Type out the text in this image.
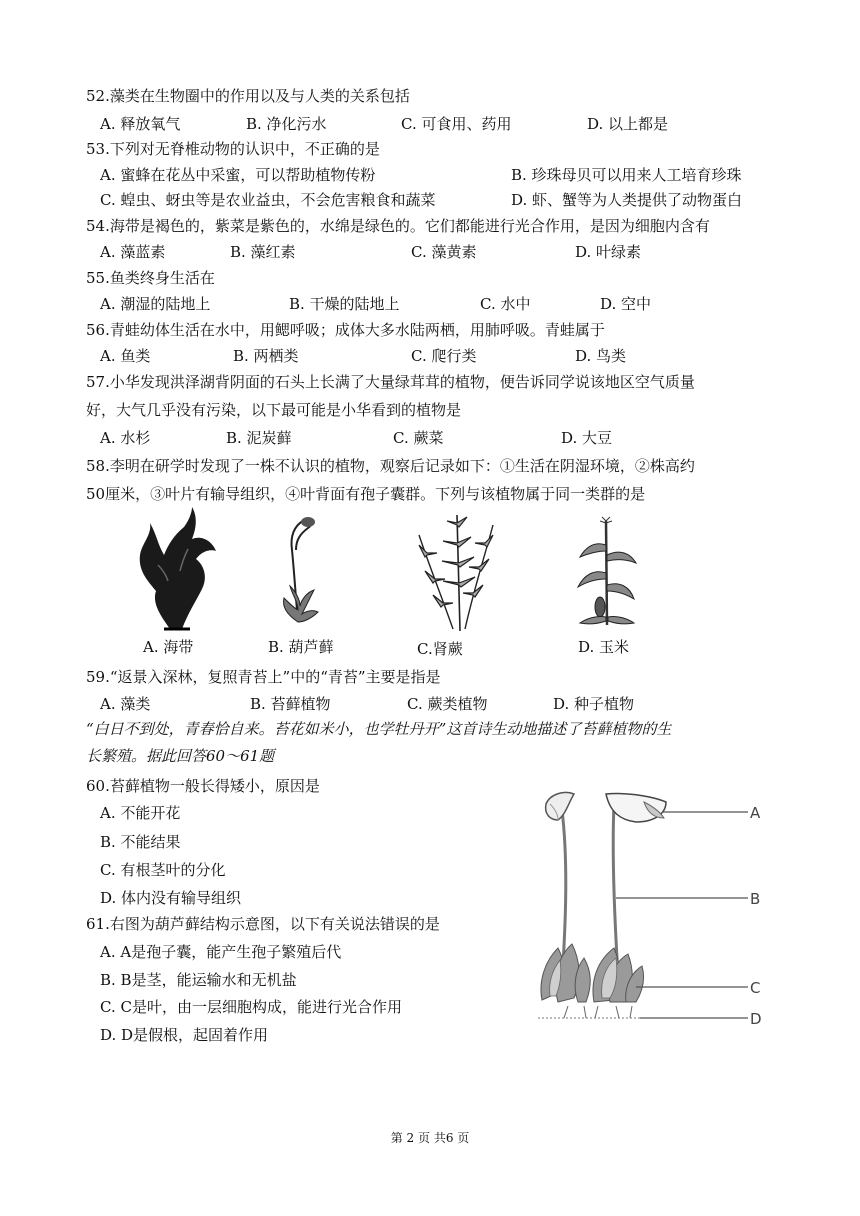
52.藻类在生物圈中的作用以及与人类的关系包括
A. 释放氧气	B. 净化污水	C. 可食用、药用	D. 以上都是
53.下列对无脊椎动物的认识中，不正确的是
A. 蜜蜂在花丛中采蜜，可以帮助植物传粉	B. 珍珠母贝可以用来人工培育珍珠
C. 蝗虫、蚜虫等是农业益虫，不会危害粮食和蔬菜	D. 虾、蟹等为人类提供了动物蛋白
54.海带是褐色的，紫菜是紫色的，水绵是绿色的。它们都能进行光合作用，是因为细胞内含有
A. 藻蓝素	B. 藻红素	C. 藻黄素	D. 叶绿素
55.鱼类终身生活在
A. 潮湿的陆地上	B. 干燥的陆地上	C. 水中	D. 空中
56.青蛙幼体生活在水中，用鳃呼吸；成体大多水陆两栖，用肺呼吸。青蛙属于
A. 鱼类	B. 两栖类	C. 爬行类	D. 鸟类
57.小华发现洪泽湖背阴面的石头上长满了大量绿茸茸的植物，便告诉同学说该地区空气质量
好，大气几乎没有污染，以下最可能是小华看到的植物是
A. 水杉	B. 泥炭藓	C. 蕨菜	D. 大豆
58.李明在研学时发现了一株不认识的植物，观察后记录如下：①生活在阴湿环境，②株高约
50厘米，③叶片有输导组织，④叶背面有孢子囊群。下列与该植物属于同一类群的是
A. 海带	B. 葫芦藓	C.肾蕨	D. 玉米
59.“返景入深林，复照青苔上”中的“青苔”主要是指是
A. 藻类	B. 苔藓植物	C. 蕨类植物	D. 种子植物
“白日不到处，青春恰自来。苔花如米小，也学牡丹开”这首诗生动地描述了苔藓植物的生
长繁殖。据此回答60～61题
60.苔藓植物一般长得矮小，原因是
A. 不能开花
B. 不能结果
C. 有根茎叶的分化
D. 体内没有输导组织
61.右图为葫芦藓结构示意图，以下有关说法错误的是
A. A是孢子囊，能产生孢子繁殖后代
B. B是茎，能运输水和无机盐
C. C是叶，由一层细胞构成，能进行光合作用
D. D是假根，起固着作用
A
B
C
D
第 2 页 共6 页
